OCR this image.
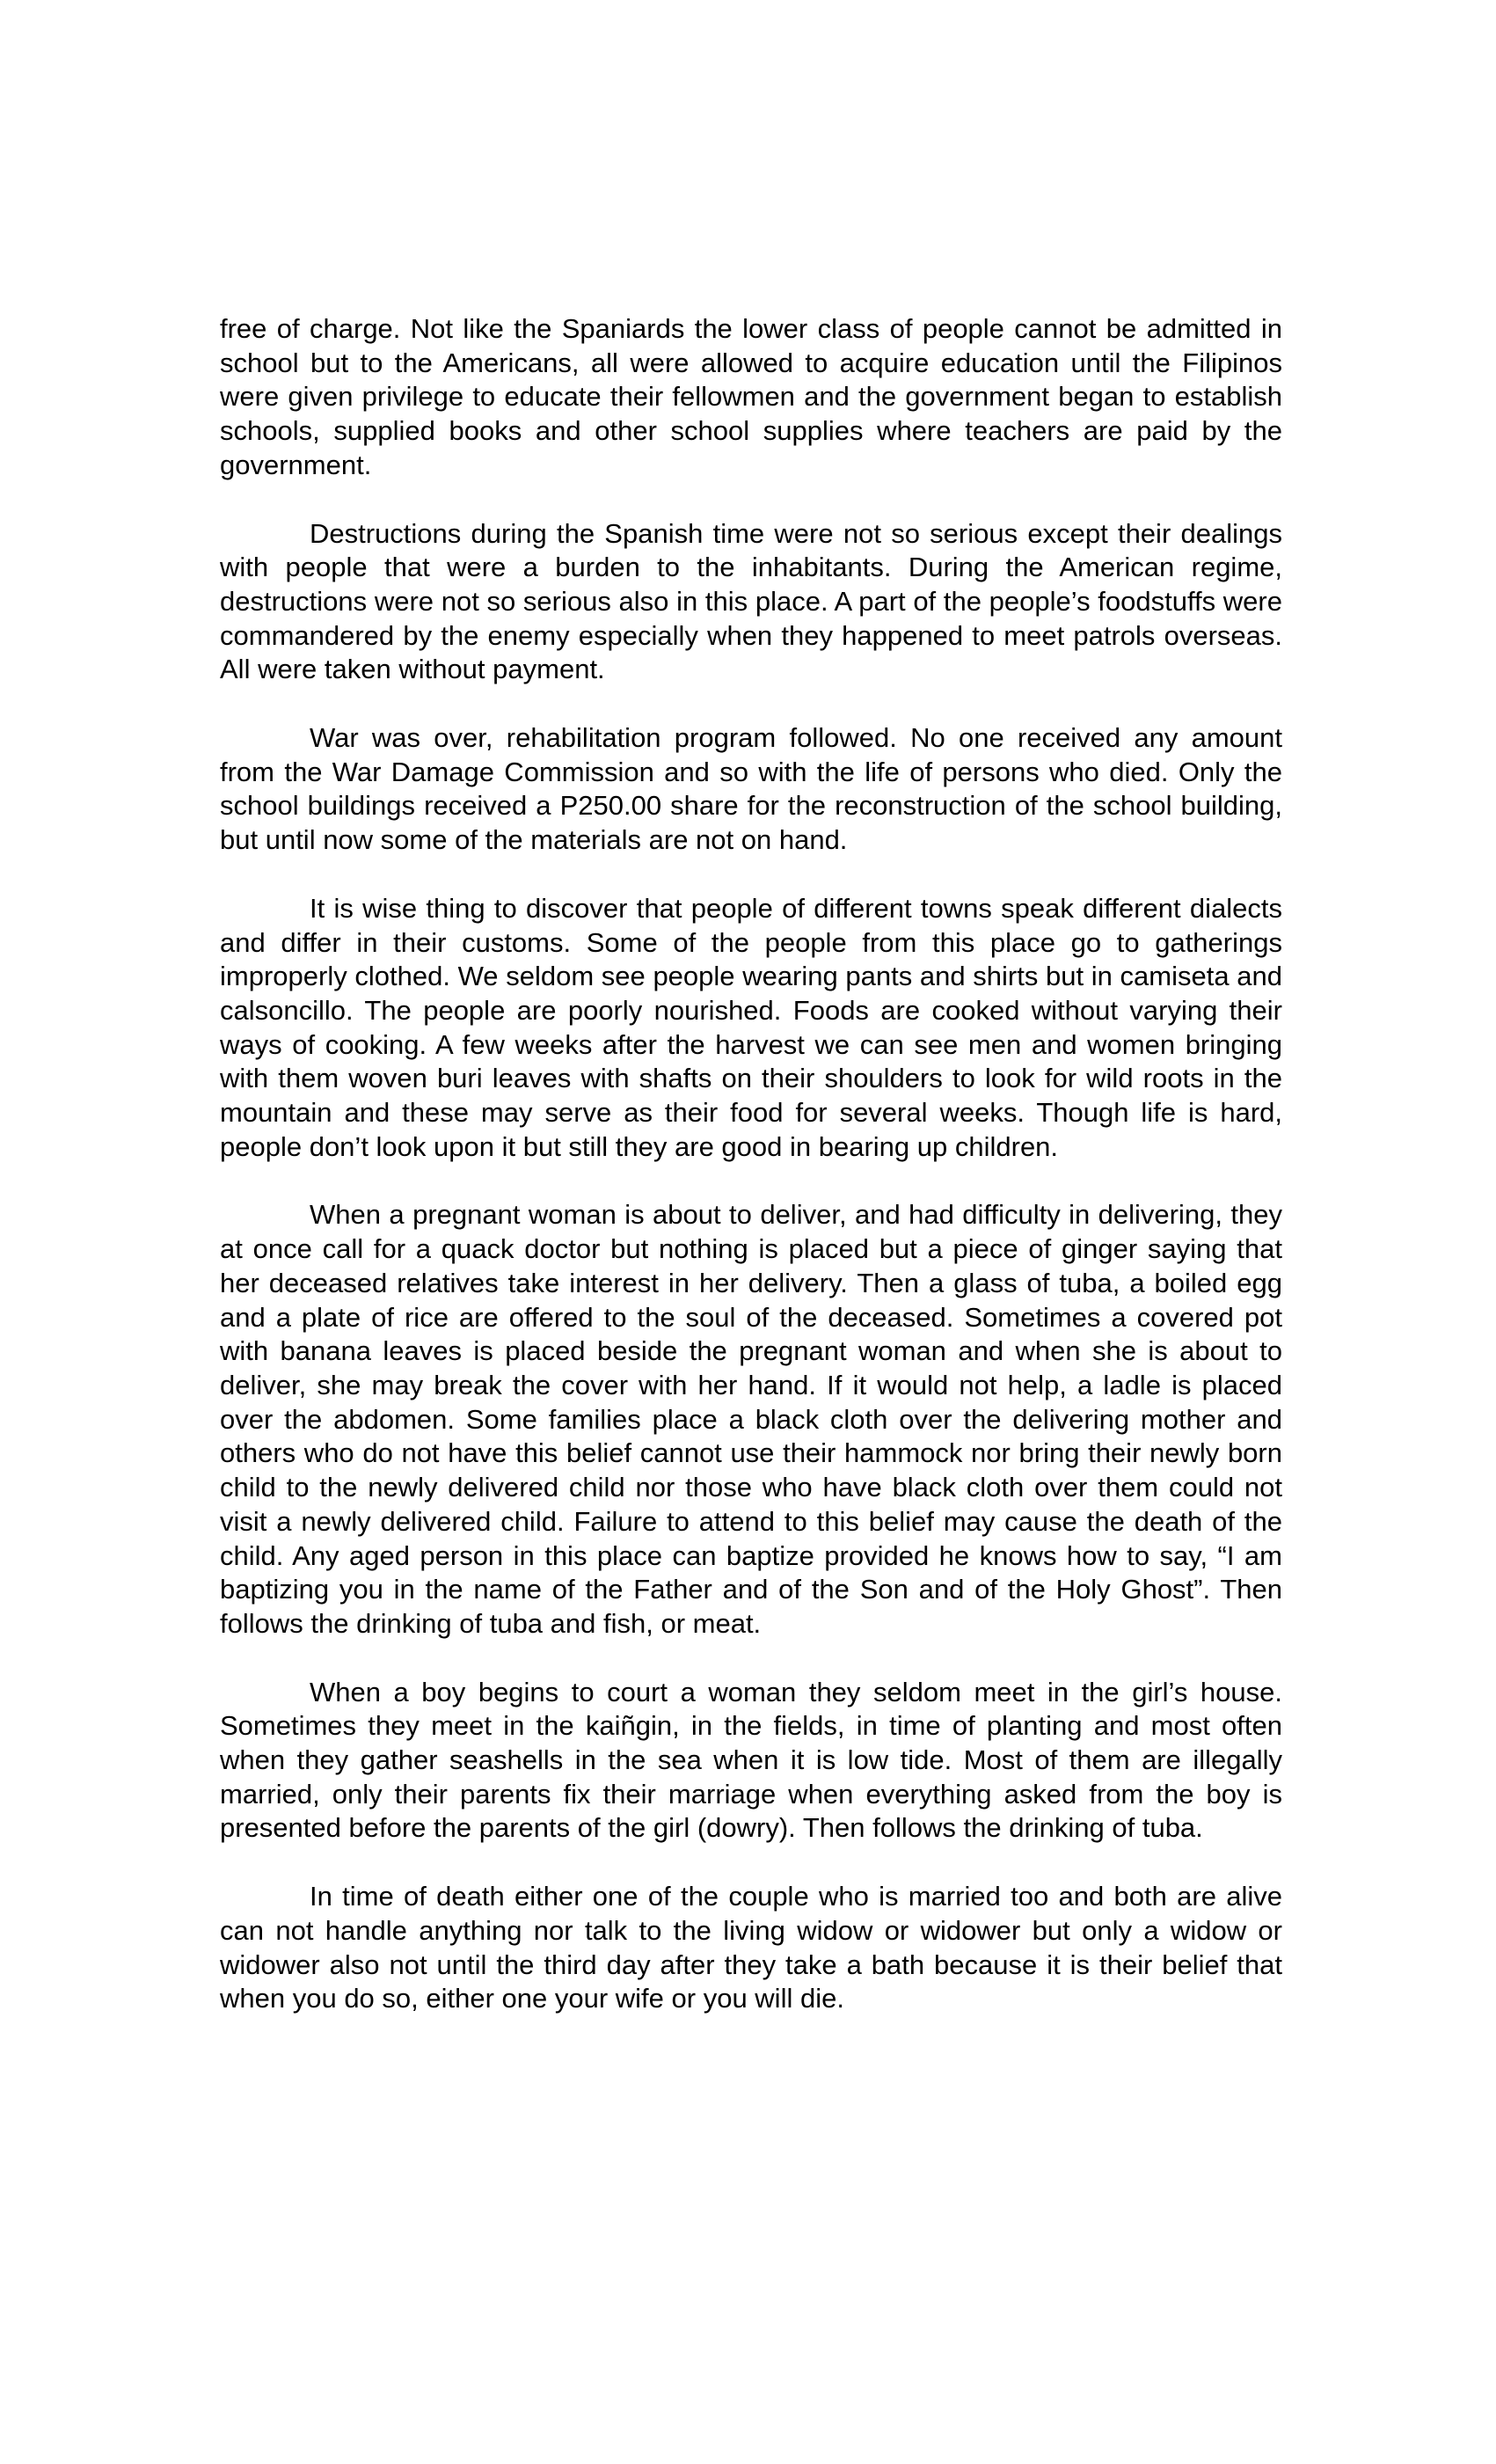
free of charge. Not like the Spaniards the lower class of people cannot be admitted in school but to the Americans, all were allowed to acquire education until the Filipinos were given privilege to educate their fellowmen and the government began to establish schools, supplied books and other school supplies where teachers are paid by the government.

Destructions during the Spanish time were not so serious except their dealings with people that were a burden to the inhabitants. During the American regime, destructions were not so serious also in this place. A part of the people’s foodstuffs were commandered by the enemy especially when they happened to meet patrols overseas. All were taken without payment.

War was over, rehabilitation program followed. No one received any amount from the War Damage Commission and so with the life of persons who died. Only the school buildings received a P250.00 share for the reconstruction of the school building, but until now some of the materials are not on hand.

It is wise thing to discover that people of different towns speak different dialects and differ in their customs. Some of the people from this place go to gatherings improperly clothed. We seldom see people wearing pants and shirts but in camiseta and calsoncillo. The people are poorly nourished. Foods are cooked without varying their ways of cooking. A few weeks after the harvest we can see men and women bringing with them woven buri leaves with shafts on their shoulders to look for wild roots in the mountain and these may serve as their food for several weeks. Though life is hard, people don’t look upon it but still they are good in bearing up children.

When a pregnant woman is about to deliver, and had difficulty in delivering, they at once call for a quack doctor but nothing is placed but a piece of ginger saying that her deceased relatives take interest in her delivery. Then a glass of tuba, a boiled egg and a plate of rice are offered to the soul of the deceased. Sometimes a covered pot with banana leaves is placed beside the pregnant woman and when she is about to deliver, she may break the cover with her hand. If it would not help, a ladle is placed over the abdomen. Some families place a black cloth over the delivering mother and others who do not have this belief cannot use their hammock nor bring their newly born child to the newly delivered child nor those who have black cloth over them could not visit a newly delivered child. Failure to attend to this belief may cause the death of the child. Any aged person in this place can baptize provided he knows how to say, “I am baptizing you in the name of the Father and of the Son and of the Holy Ghost”. Then follows the drinking of tuba and fish, or meat.

When a boy begins to court a woman they seldom meet in the girl’s house. Sometimes they meet in the kaiñgin, in the fields, in time of planting and most often when they gather seashells in the sea when it is low tide. Most of them are illegally married, only their parents fix their marriage when everything asked from the boy is presented before the parents of the girl (dowry). Then follows the drinking of tuba.

In time of death either one of the couple who is married too and both are alive can not handle anything nor talk to the living widow or widower but only a widow or widower also not until the third day after they take a bath because it is their belief that when you do so, either one your wife or you will die.
